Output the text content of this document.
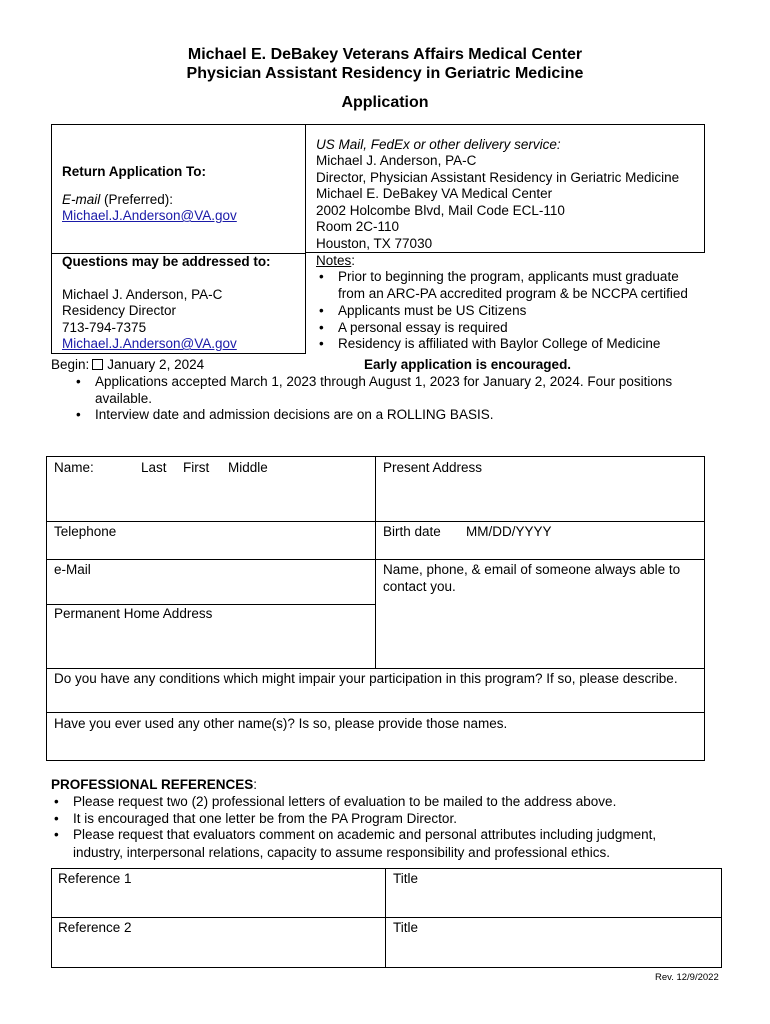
Michael E. DeBakey Veterans Affairs Medical Center
Physician Assistant Residency in Geriatric Medicine
Application
Return Application To:
E-mail (Preferred):
Michael.J.Anderson@VA.gov
Questions may be addressed to:
Michael J. Anderson, PA-C
Residency Director
713-794-7375
Michael.J.Anderson@VA.gov
US Mail, FedEx or other delivery service:
Michael J. Anderson, PA-C
Director, Physician Assistant Residency in Geriatric Medicine
Michael E. DeBakey VA Medical Center
2002 Holcombe Blvd, Mail Code ECL-110
Room 2C-110
Houston, TX 77030
Notes:
• Prior to beginning the program, applicants must graduate
from an ARC-PA accredited program & be NCCPA certified
• Applicants must be US Citizens
• A personal essay is required
• Residency is affiliated with Baylor College of Medicine
Begin: January 2, 2024	Early application is encouraged.
• Applications accepted March 1, 2023 through August 1, 2023 for January 2, 2024. Four positions
available.
• Interview date and admission decisions are on a ROLLING BASIS.
Name:	Last First Middle	Present Address
Telephone	Birth date MM/DD/YYYY
e-Mail	Name, phone, & email of someone always able to
contact you.
Permanent Home Address
Do you have any conditions which might impair your participation in this program? If so, please describe.
Have you ever used any other name(s)? Is so, please provide those names.
PROFESSIONAL REFERENCES:
• Please request two (2) professional letters of evaluation to be mailed to the address above.
• It is encouraged that one letter be from the PA Program Director.
• Please request that evaluators comment on academic and personal attributes including judgment,
industry, interpersonal relations, capacity to assume responsibility and professional ethics.
Reference 1	Title
Reference 2	Title
Rev. 12/9/2022
